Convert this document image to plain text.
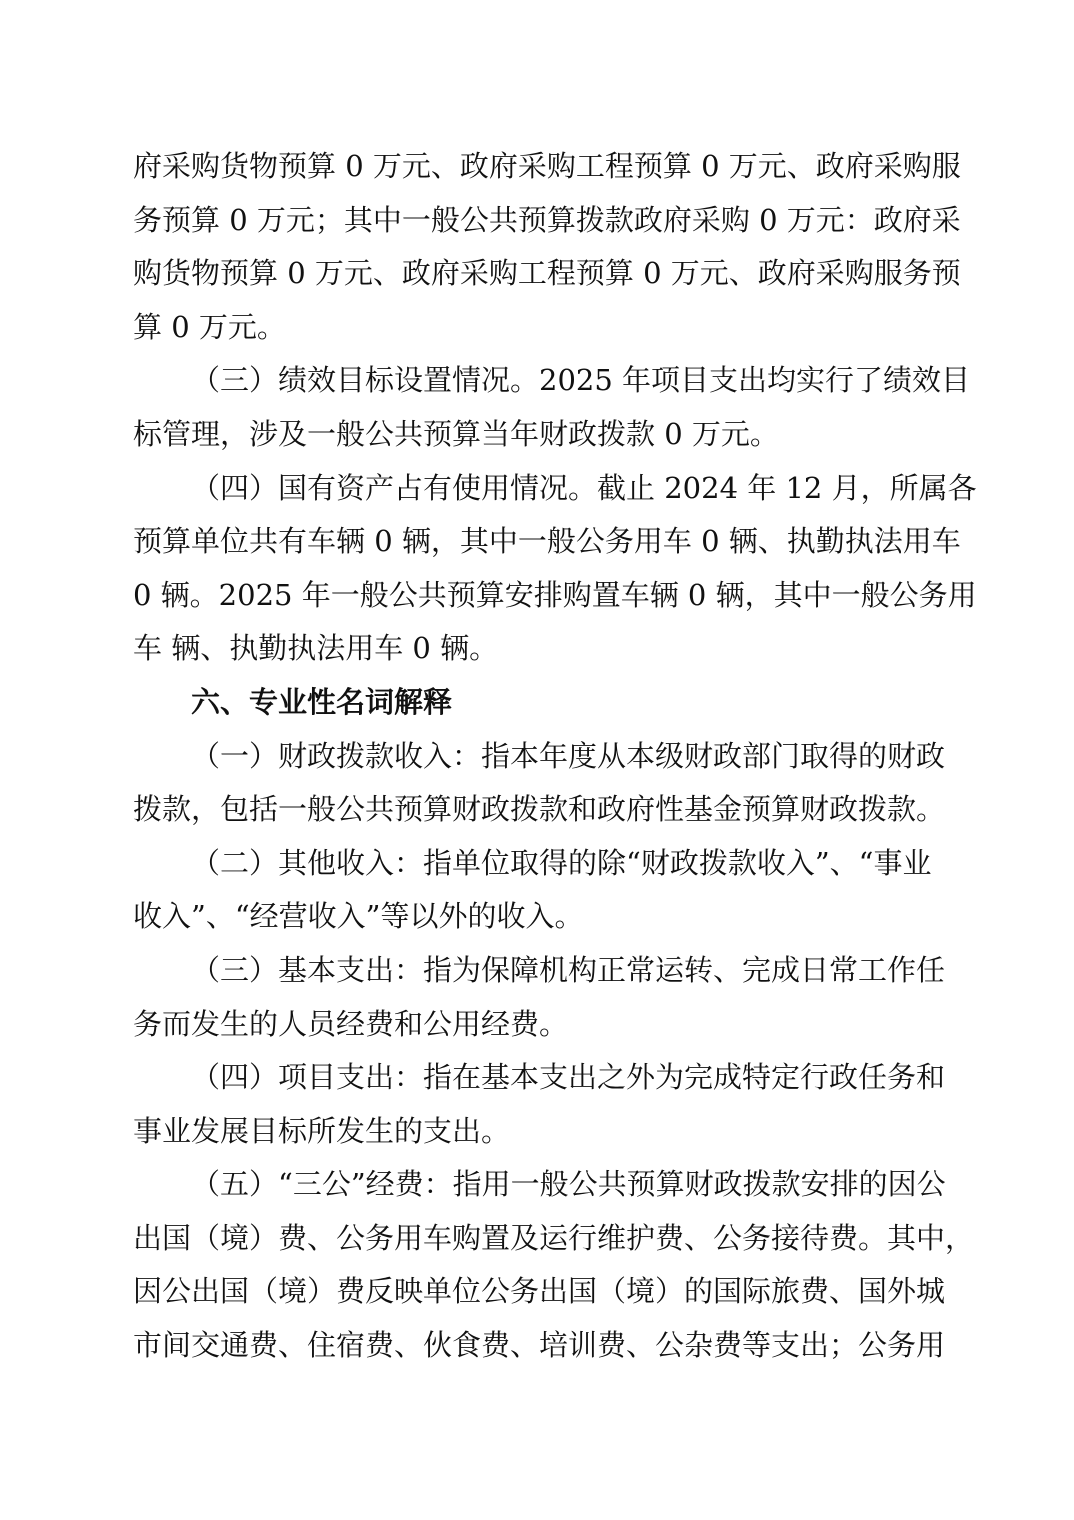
府采购货物预算 0 万元、政府采购工程预算 0 万元、政府采购服
务预算 0 万元；其中一般公共预算拨款政府采购 0 万元：政府采
购货物预算 0 万元、政府采购工程预算 0 万元、政府采购服务预
算 0 万元。

（三）绩效目标设置情况。2025 年项目支出均实行了绩效目
标管理，涉及一般公共预算当年财政拨款 0 万元。

（四）国有资产占有使用情况。截止 2024 年 12 月，所属各
预算单位共有车辆 0 辆，其中一般公务用车 0 辆、执勤执法用车
0 辆。2025 年一般公共预算安排购置车辆 0 辆，其中一般公务用
车 辆、执勤执法用车 0 辆。

六、专业性名词解释

（一）财政拨款收入：指本年度从本级财政部门取得的财政
拨款，包括一般公共预算财政拨款和政府性基金预算财政拨款。

（二）其他收入：指单位取得的除“财政拨款收入”、“事业
收入”、“经营收入”等以外的收入。

（三）基本支出：指为保障机构正常运转、完成日常工作任
务而发生的人员经费和公用经费。

（四）项目支出：指在基本支出之外为完成特定行政任务和
事业发展目标所发生的支出。

（五）“三公”经费：指用一般公共预算财政拨款安排的因公
出国（境）费、公务用车购置及运行维护费、公务接待费。其中，
因公出国（境）费反映单位公务出国（境）的国际旅费、国外城
市间交通费、住宿费、伙食费、培训费、公杂费等支出；公务用
